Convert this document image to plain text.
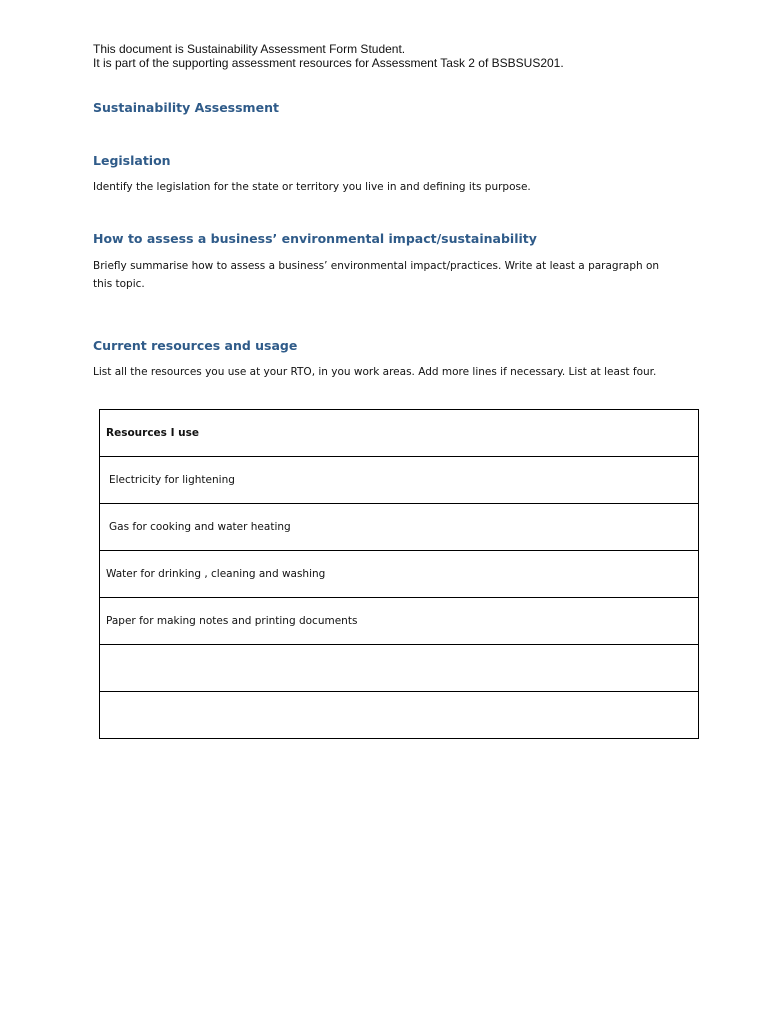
This document is Sustainability Assessment Form Student.
It is part of the supporting assessment resources for Assessment Task 2 of BSBSUS201.
Sustainability Assessment
Legislation
Identify the legislation for the state or territory you live in and defining its purpose.
How to assess a business’ environmental impact/sustainability
Briefly summarise how to assess a business’ environmental impact/practices. Write at least a paragraph on this topic.
Current resources and usage
List all the resources you use at your RTO, in you work areas. Add more lines if necessary. List at least four.
Resources I use
Electricity for lightening
Gas for cooking and water heating
Water for drinking , cleaning and washing
Paper for making notes and printing documents
